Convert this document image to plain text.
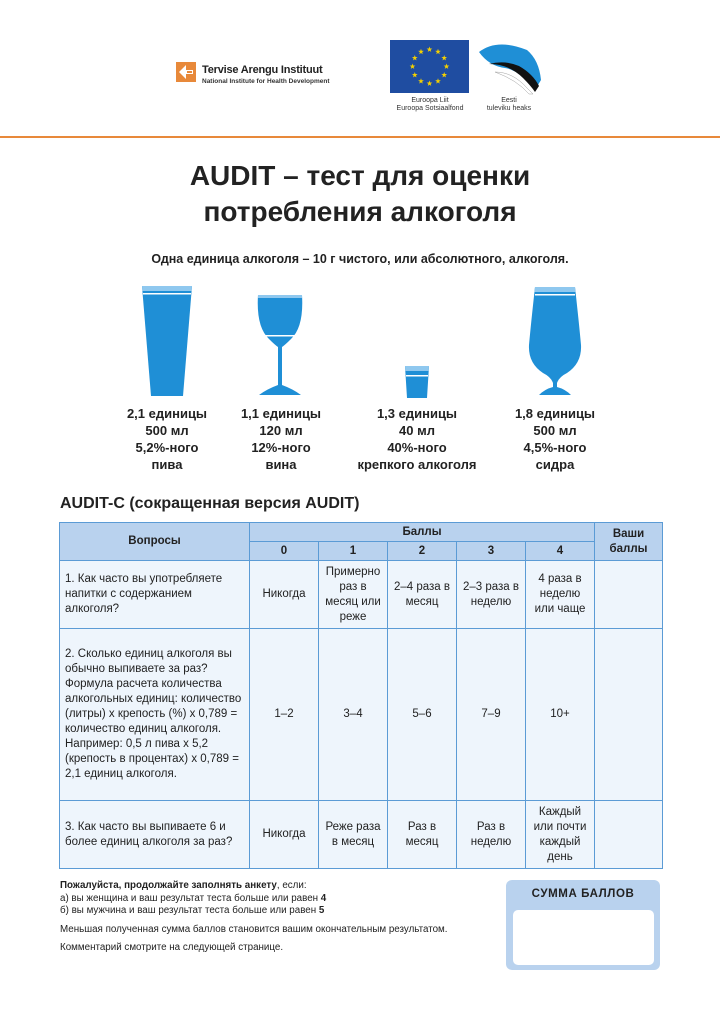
Tervise Arengu Instituut
National Institute for Health Development
Euroopa Liit
Euroopa Sotsiaalfond
Eesti
tuleviku heaks
AUDIT – тест для оценки
потребления алкоголя
Одна единица алкоголя – 10 г чистого, или абсолютного, алкоголя.
2,1 единицы
500 мл
5,2%-ного
пива
1,1 единицы
120 мл
12%-ного
вина
1,3 единицы
40 мл
40%-ного
крепкого алкоголя
1,8 единицы
500 мл
4,5%-ного
сидра
AUDIT-C (сокращенная версия AUDIT)
Вопросы	Баллы					Ваши баллы
	0	1	2	3	4	
1. Как часто вы употребляете напитки с содержанием алкоголя?	Никогда	Примерно раз в месяц или реже	2–4 раза в месяц	2–3 раза в неделю	4 раза в неделю или чаще	
2. Сколько единиц алкоголя вы обычно выпиваете за раз? Формула расчета количества алкогольных единиц: количество (литры) x крепость (%) x 0,789 = количество единиц алкоголя. Например: 0,5 л пива x 5,2 (крепость в процентах) x 0,789 = 2,1 единиц алкоголя.	1–2	3–4	5–6	7–9	10+	
3. Как часто вы выпиваете 6 и более единиц алкоголя за раз?	Никогда	Реже раза в месяц	Раз в месяц	Раз в неделю	Каждый или почти каждый день	

Пожалуйста, продолжайте заполнять анкету, если:

а) вы женщина и ваш результат теста больше или равен 4

б) вы мужчина и ваш результат теста больше или равен 5

Меньшая полученная сумма баллов становится вашим окончательным результатом.

Комментарий смотрите на следующей странице.

СУММА БАЛЛОВ
